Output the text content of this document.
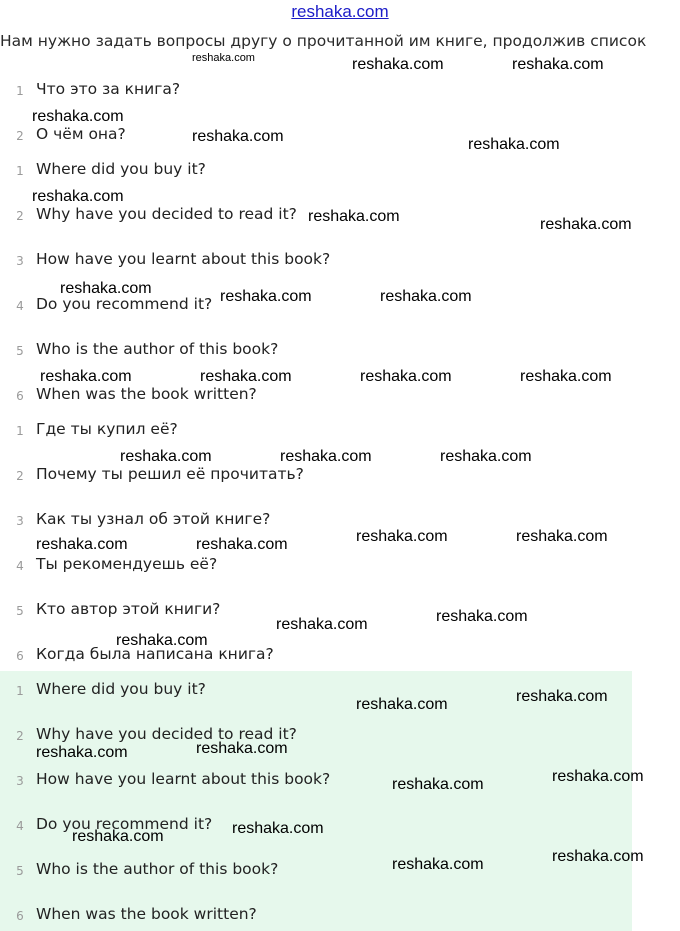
reshaka.com
Нам нужно задать вопросы другу о прочитанной им книге, продолжив список
1 Что это за книга?
2 О чём она?
1 Where did you buy it?
2 Why have you decided to read it?
3 How have you learnt about this book?
4 Do you recommend it?
5 Who is the author of this book?
6 When was the book written?
1 Где ты купил её?
2 Почему ты решил её прочитать?
3 Как ты узнал об этой книге?
4 Ты рекомендуешь её?
5 Кто автор этой книги?
6 Когда была написана книга?
1 Where did you buy it?
2 Why have you decided to read it?
3 How have you learnt about this book?
4 Do you recommend it?
5 Who is the author of this book?
6 When was the book written?
reshaka.com	reshaka.com	reshaka.com
reshaka.com
reshaka.com	reshaka.com
reshaka.com
reshaka.com	reshaka.com
reshaka.com	reshaka.com	reshaka.com
reshaka.com	reshaka.com	reshaka.com	reshaka.com
reshaka.com	reshaka.com	reshaka.com
reshaka.com	reshaka.com
reshaka.com	reshaka.com
reshaka.com
reshaka.com
reshaka.com
reshaka.com
reshaka.com
reshaka.com	reshaka.com
reshaka.com
reshaka.com
reshaka.com	reshaka.com
reshaka.com
reshaka.com
